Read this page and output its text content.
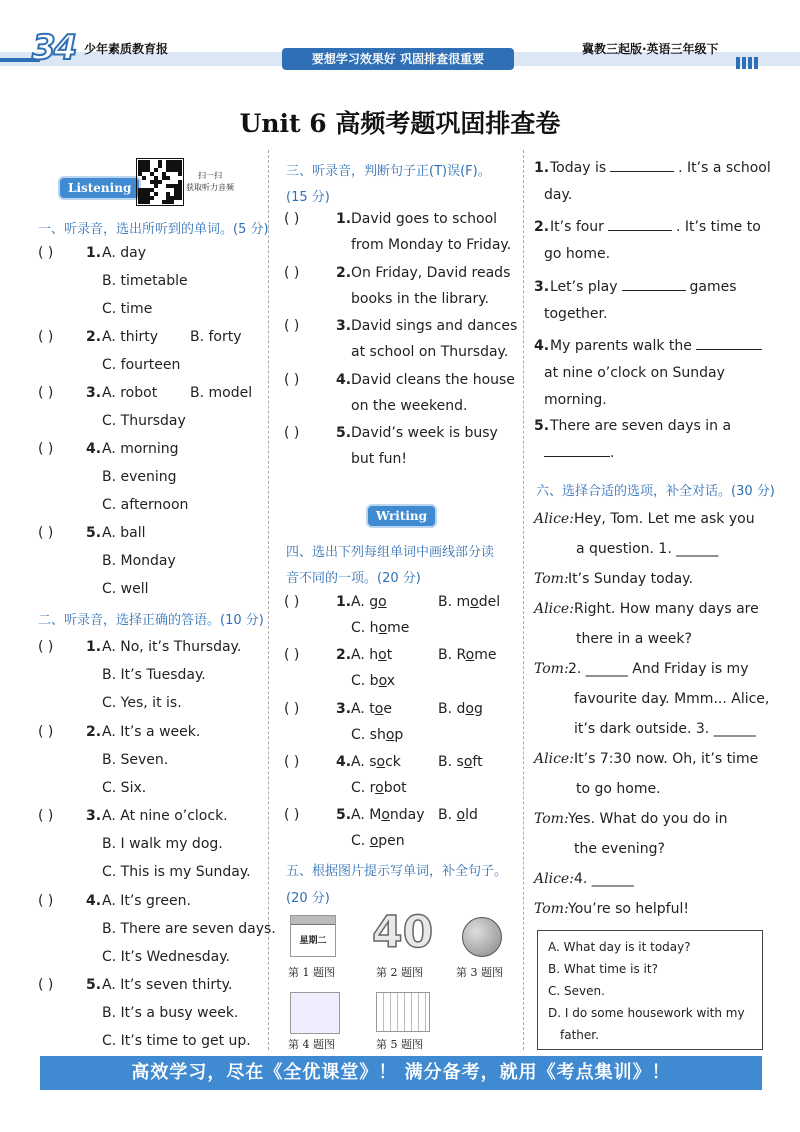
34 少年素质教育报
要想学习效果好 巩固排查很重要
冀教三起版·英语三年级下
Unit 6 高频考题巩固排查卷
Listening
扫一扫
获取听力音频
一、听录音，选出所听到的单词。(5 分)
( ) 1. A. day
B. timetable
C. time
( ) 2. A. thirty B. forty
C. fourteen
( ) 3. A. robot B. model
C. Thursday
( ) 4. A. morning
B. evening
C. afternoon
( ) 5. A. ball
B. Monday
C. well
二、听录音，选择正确的答语。(10 分)
( ) 1. A. No, it’s Thursday.
B. It’s Tuesday.
C. Yes, it is.
( ) 2. A. It’s a week.
B. Seven.
C. Six.
( ) 3. A. At nine o’clock.
B. I walk my dog.
C. This is my Sunday.
( ) 4. A. It’s green.
B. There are seven days.
C. It’s Wednesday.
( ) 5. A. It’s seven thirty.
B. It’s a busy week.
C. It’s time to get up.
三、听录音，判断句子正(T)误(F)。
(15 分)
( )	1. David goes to school
from Monday to Friday.
( )	2. On Friday, David reads
books in the library.
( )	3. David sings and dances
at school on Thursday.
( )	4. David cleans the house
on the weekend.
( )	5. David’s week is busy
but fun!
Writing
四、选出下列每组单词中画线部分读
音不同的一项。(20 分)
( )	1. A. go	B. model
C. home
( )	2. A. hot	B. Rome
C. box
( )	3. A. toe	B. dog
C. shop
( )	4. A. sock	B. soft
C. robot
( )	5. A. Monday B. old
C. open
五、根据图片提示写单词，补全句子。
(20 分)
星期二 40
第 1 题图	第 2 题图	第 3 题图
第 4 题图	第 5 题图
1. Today is	. It’s a school
day.
2. It’s four	. It’s time to
go home.
3. Let’s play	games
together.
4. My parents walk the
at nine o’clock on Sunday
morning.
5. There are seven days in a
.
六、选择合适的选项，补全对话。(30 分)
Alice: Hey, Tom. Let me ask you
a question. 1. ______
Tom: It’s Sunday today.
Alice: Right. How many days are
there in a week?
Tom: 2. ______ And Friday is my
favourite day. Mmm... Alice,
it’s dark outside. 3. ______
Alice: It’s 7:30 now. Oh, it’s time
to go home.
Tom: Yes. What do you do in
the evening?
Alice: 4. ______
Tom: You’re so helpful!
A. What day is it today?
B. What time is it?
C. Seven.
D. I do some housework with my
father.
高效学习，尽在《全优课堂》！ 满分备考，就用《考点集训》！
